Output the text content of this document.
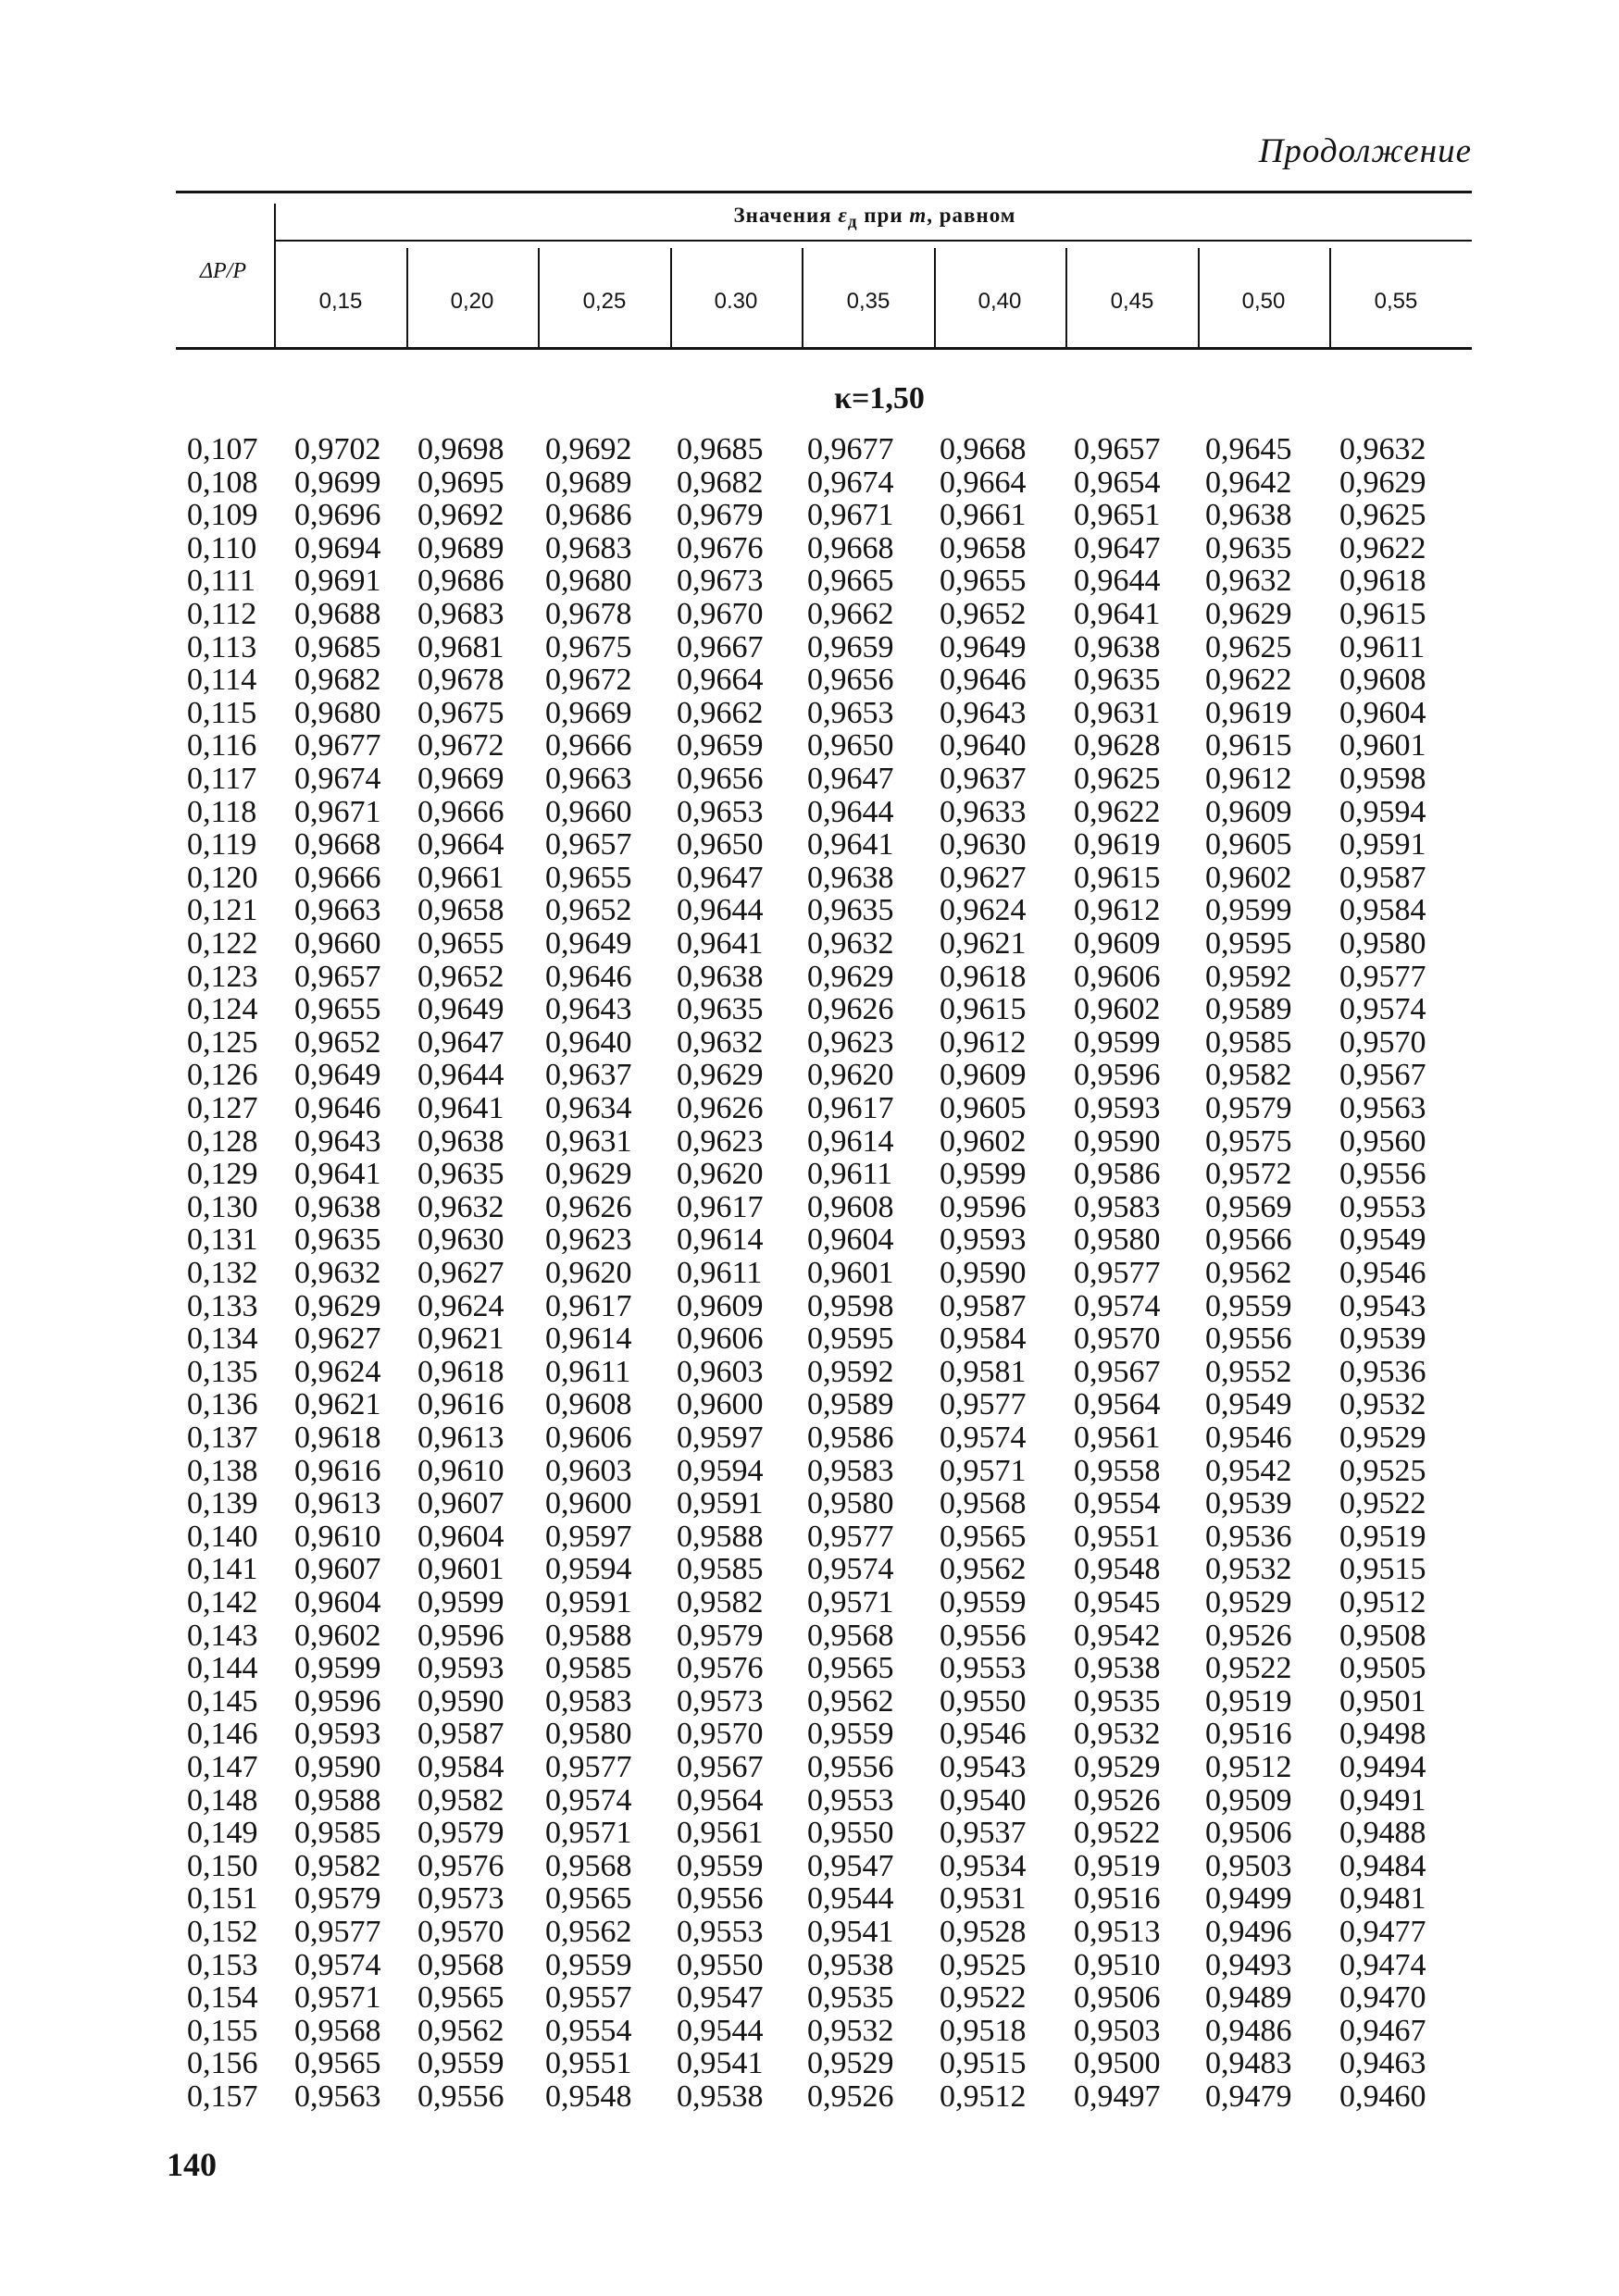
Продолжение
ΔP/P
Значения $\varepsilon_д$ при m, равном
0,15	0,20	0,25	0.30	0,35	0,40	0,45	0,50	0,55
κ=1,50
0,107 0,9702 0,9698 0,9692 0,9685 0,9677 0,9668 0,9657 0,9645 0,9632
0,108 0,9699 0,9695 0,9689 0,9682 0,9674 0,9664 0,9654 0,9642 0,9629
0,109 0,9696 0,9692 0,9686 0,9679 0,9671 0,9661 0,9651 0,9638 0,9625
0,110 0,9694 0,9689 0,9683 0,9676 0,9668 0,9658 0,9647 0,9635 0,9622
0,111 0,9691 0,9686 0,9680 0,9673 0,9665 0,9655 0,9644 0,9632 0,9618
0,112 0,9688 0,9683 0,9678 0,9670 0,9662 0,9652 0,9641 0,9629 0,9615
0,113 0,9685 0,9681 0,9675 0,9667 0,9659 0,9649 0,9638 0,9625 0,9611
0,114 0,9682 0,9678 0,9672 0,9664 0,9656 0,9646 0,9635 0,9622 0,9608
0,115 0,9680 0,9675 0,9669 0,9662 0,9653 0,9643 0,9631 0,9619 0,9604
0,116 0,9677 0,9672 0,9666 0,9659 0,9650 0,9640 0,9628 0,9615 0,9601
0,117 0,9674 0,9669 0,9663 0,9656 0,9647 0,9637 0,9625 0,9612 0,9598
0,118 0,9671 0,9666 0,9660 0,9653 0,9644 0,9633 0,9622 0,9609 0,9594
0,119 0,9668 0,9664 0,9657 0,9650 0,9641 0,9630 0,9619 0,9605 0,9591
0,120 0,9666 0,9661 0,9655 0,9647 0,9638 0,9627 0,9615 0,9602 0,9587
0,121 0,9663 0,9658 0,9652 0,9644 0,9635 0,9624 0,9612 0,9599 0,9584
0,122 0,9660 0,9655 0,9649 0,9641 0,9632 0,9621 0,9609 0,9595 0,9580
0,123 0,9657 0,9652 0,9646 0,9638 0,9629 0,9618 0,9606 0,9592 0,9577
0,124 0,9655 0,9649 0,9643 0,9635 0,9626 0,9615 0,9602 0,9589 0,9574
0,125 0,9652 0,9647 0,9640 0,9632 0,9623 0,9612 0,9599 0,9585 0,9570
0,126 0,9649 0,9644 0,9637 0,9629 0,9620 0,9609 0,9596 0,9582 0,9567
0,127 0,9646 0,9641 0,9634 0,9626 0,9617 0,9605 0,9593 0,9579 0,9563
0,128 0,9643 0,9638 0,9631 0,9623 0,9614 0,9602 0,9590 0,9575 0,9560
0,129 0,9641 0,9635 0,9629 0,9620 0,9611 0,9599 0,9586 0,9572 0,9556
0,130 0,9638 0,9632 0,9626 0,9617 0,9608 0,9596 0,9583 0,9569 0,9553
0,131 0,9635 0,9630 0,9623 0,9614 0,9604 0,9593 0,9580 0,9566 0,9549
0,132 0,9632 0,9627 0,9620 0,9611 0,9601 0,9590 0,9577 0,9562 0,9546
0,133 0,9629 0,9624 0,9617 0,9609 0,9598 0,9587 0,9574 0,9559 0,9543
0,134 0,9627 0,9621 0,9614 0,9606 0,9595 0,9584 0,9570 0,9556 0,9539
0,135 0,9624 0,9618 0,9611 0,9603 0,9592 0,9581 0,9567 0,9552 0,9536
0,136 0,9621 0,9616 0,9608 0,9600 0,9589 0,9577 0,9564 0,9549 0,9532
0,137 0,9618 0,9613 0,9606 0,9597 0,9586 0,9574 0,9561 0,9546 0,9529
0,138 0,9616 0,9610 0,9603 0,9594 0,9583 0,9571 0,9558 0,9542 0,9525
0,139 0,9613 0,9607 0,9600 0,9591 0,9580 0,9568 0,9554 0,9539 0,9522
0,140 0,9610 0,9604 0,9597 0,9588 0,9577 0,9565 0,9551 0,9536 0,9519
0,141 0,9607 0,9601 0,9594 0,9585 0,9574 0,9562 0,9548 0,9532 0,9515
0,142 0,9604 0,9599 0,9591 0,9582 0,9571 0,9559 0,9545 0,9529 0,9512
0,143 0,9602 0,9596 0,9588 0,9579 0,9568 0,9556 0,9542 0,9526 0,9508
0,144 0,9599 0,9593 0,9585 0,9576 0,9565 0,9553 0,9538 0,9522 0,9505
0,145 0,9596 0,9590 0,9583 0,9573 0,9562 0,9550 0,9535 0,9519 0,9501
0,146 0,9593 0,9587 0,9580 0,9570 0,9559 0,9546 0,9532 0,9516 0,9498
0,147 0,9590 0,9584 0,9577 0,9567 0,9556 0,9543 0,9529 0,9512 0,9494
0,148 0,9588 0,9582 0,9574 0,9564 0,9553 0,9540 0,9526 0,9509 0,9491
0,149 0,9585 0,9579 0,9571 0,9561 0,9550 0,9537 0,9522 0,9506 0,9488
0,150 0,9582 0,9576 0,9568 0,9559 0,9547 0,9534 0,9519 0,9503 0,9484
0,151 0,9579 0,9573 0,9565 0,9556 0,9544 0,9531 0,9516 0,9499 0,9481
0,152 0,9577 0,9570 0,9562 0,9553 0,9541 0,9528 0,9513 0,9496 0,9477
0,153 0,9574 0,9568 0,9559 0,9550 0,9538 0,9525 0,9510 0,9493 0,9474
0,154 0,9571 0,9565 0,9557 0,9547 0,9535 0,9522 0,9506 0,9489 0,9470
0,155 0,9568 0,9562 0,9554 0,9544 0,9532 0,9518 0,9503 0,9486 0,9467
0,156 0,9565 0,9559 0,9551 0,9541 0,9529 0,9515 0,9500 0,9483 0,9463
0,157 0,9563 0,9556 0,9548 0,9538 0,9526 0,9512 0,9497 0,9479 0,9460
140
